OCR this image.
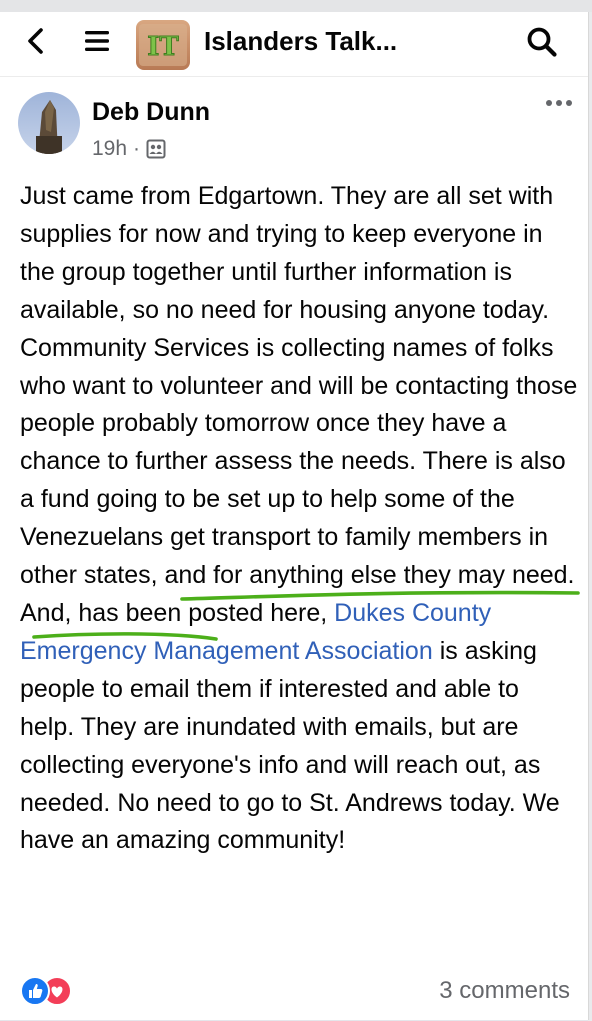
IT Islanders Talk...
Deb Dunn
19h ·

Just came from Edgartown. They are all set with supplies for now and trying to keep everyone in the group together until further information is available, so no need for housing anyone today. Community Services is collecting names of folks who want to volunteer and will be contacting those people probably tomorrow once they have a chance to further assess the needs. There is also a fund going to be set up to help some of the Venezuelans get transport to family members in other states, and for anything else they may need. And, has been posted here, Dukes County Emergency Management Association is asking people to email them if interested and able to help. They are inundated with emails, but are collecting everyone's info and will reach out, as needed. No need to go to St. Andrews today. We have an amazing community!

3 comments
